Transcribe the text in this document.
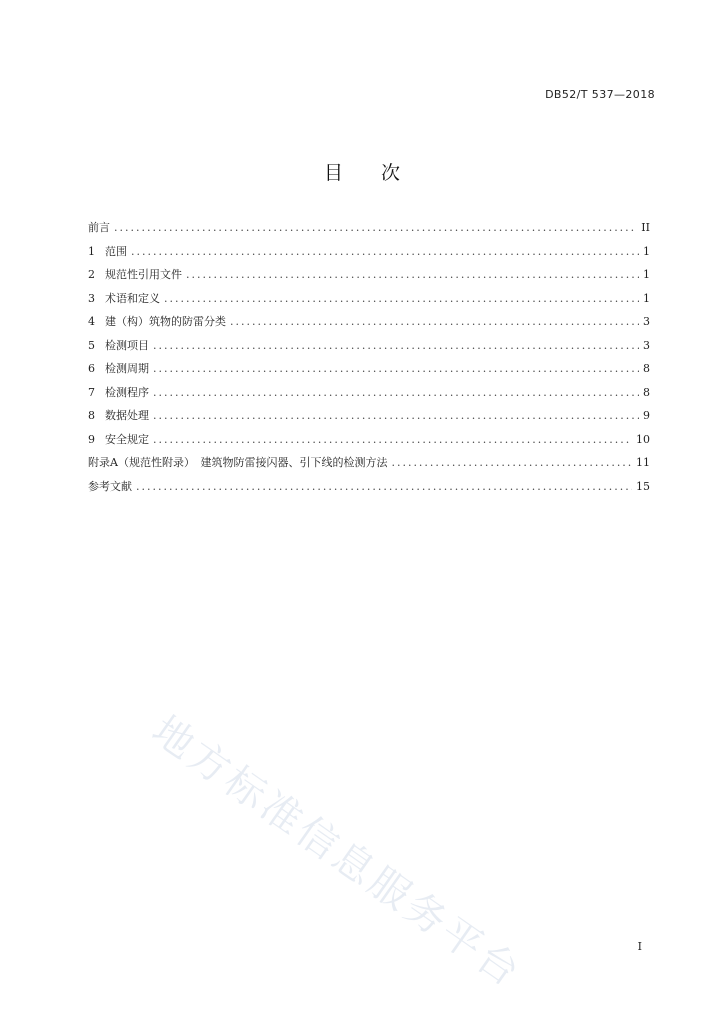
DB52/T 537—2018
目 次
前言 .....	II
1 范围 .....	1
2 规范性引用文件 .....	1
3 术语和定义 .....	1
4 建（构）筑物的防雷分类 .....	3
5 检测项目 .....	3
6 检测周期 .....	8
7 检测程序 .....	8
8 数据处理 .....	9
9 安全规定 .....	10
附录A（规范性附录）　建筑物防雷接闪器、引下线的检测方法 .....	11
参考文献 .....	15
地方标准信息服务平台	I
